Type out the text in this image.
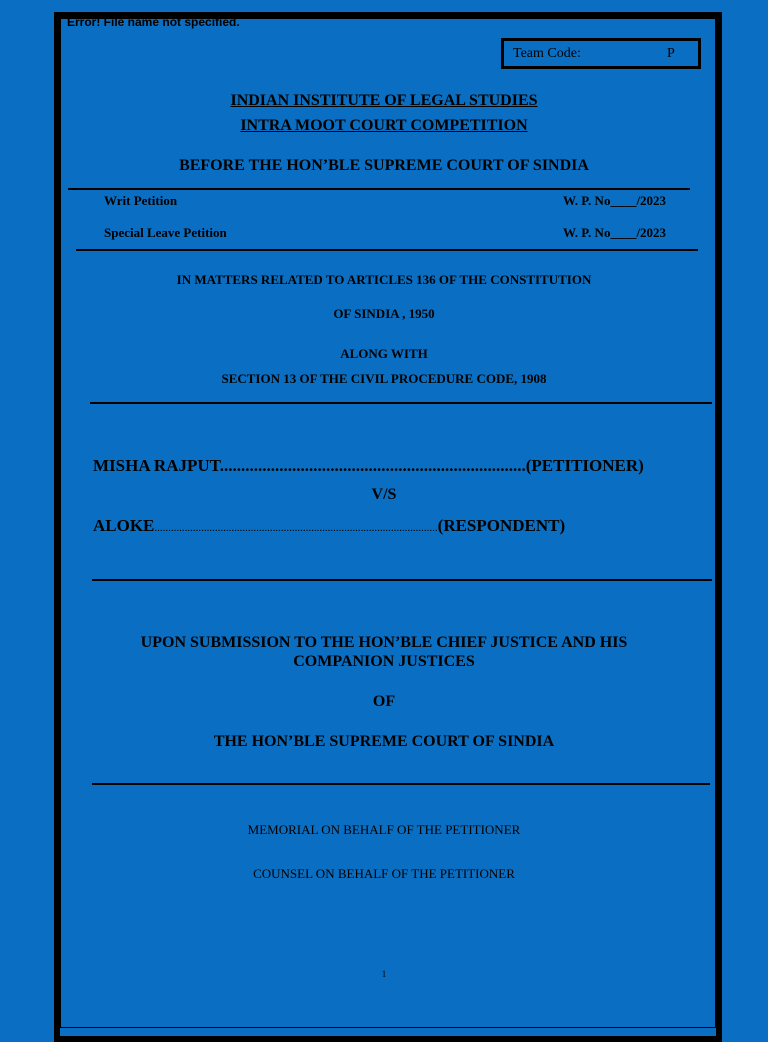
Error! File name not specified.
Team Code:	P
INDIAN INSTITUTE OF LEGAL STUDIES
INTRA MOOT COURT COMPETITION
BEFORE THE HON’BLE SUPREME COURT OF SINDIA
Writ Petition	W. P. No____/2023
Special Leave Petition	W. P. No____/2023
IN MATTERS RELATED TO ARTICLES 136 OF THE CONSTITUTION
OF SINDIA , 1950
ALONG WITH
SECTION 13 OF THE CIVIL PROCEDURE CODE, 1908
MISHA RAJPUT........................................................................(PETITIONER)
V/S
ALOKE.......................................................................................................(RESPONDENT)
UPON SUBMISSION TO THE HON’BLE CHIEF JUSTICE AND HIS
COMPANION JUSTICES
OF
THE HON’BLE SUPREME COURT OF SINDIA
MEMORIAL ON BEHALF OF THE PETITIONER
COUNSEL ON BEHALF OF THE PETITIONER
1
